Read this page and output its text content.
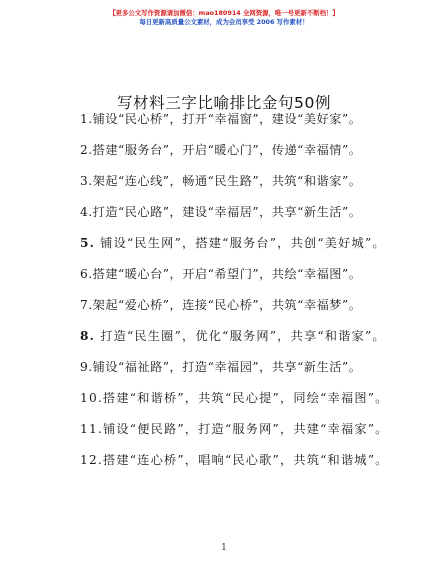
【更多公文写作资源请加微信：mao180914 全网资源，唯一号更新不断档！】
每日更新高质量公文素材，成为会员享受 2006 写作素材！
写材料三字比喻排比金句50例

1.铺设“民心桥”，打开“幸福窗”，建设“美好家”。

2.搭建“服务台”，开启“暖心门”，传递“幸福情”。

3.架起“连心线”，畅通“民生路”，共筑“和谐家”。

4.打造“民心路”，建设“幸福居”，共享“新生活”。

5. 铺设“民生网”，搭建“服务台”，共创“美好城”。

6.搭建“暖心台”，开启“希望门”，共绘“幸福图”。

7.架起“爱心桥”，连接“民心桥”，共筑“幸福梦”。

8. 打造“民生圈”，优化“服务网”，共享“和谐家”。

9.铺设“福祉路”，打造“幸福园”，共享“新生活”。

10.搭建“和谐桥”，共筑“民心提”，同绘“幸福图”。

11.铺设“便民路”，打造“服务网”，共建“幸福家”。

12.搭建“连心桥”，唱响“民心歌”，共筑“和谐城”。

1
